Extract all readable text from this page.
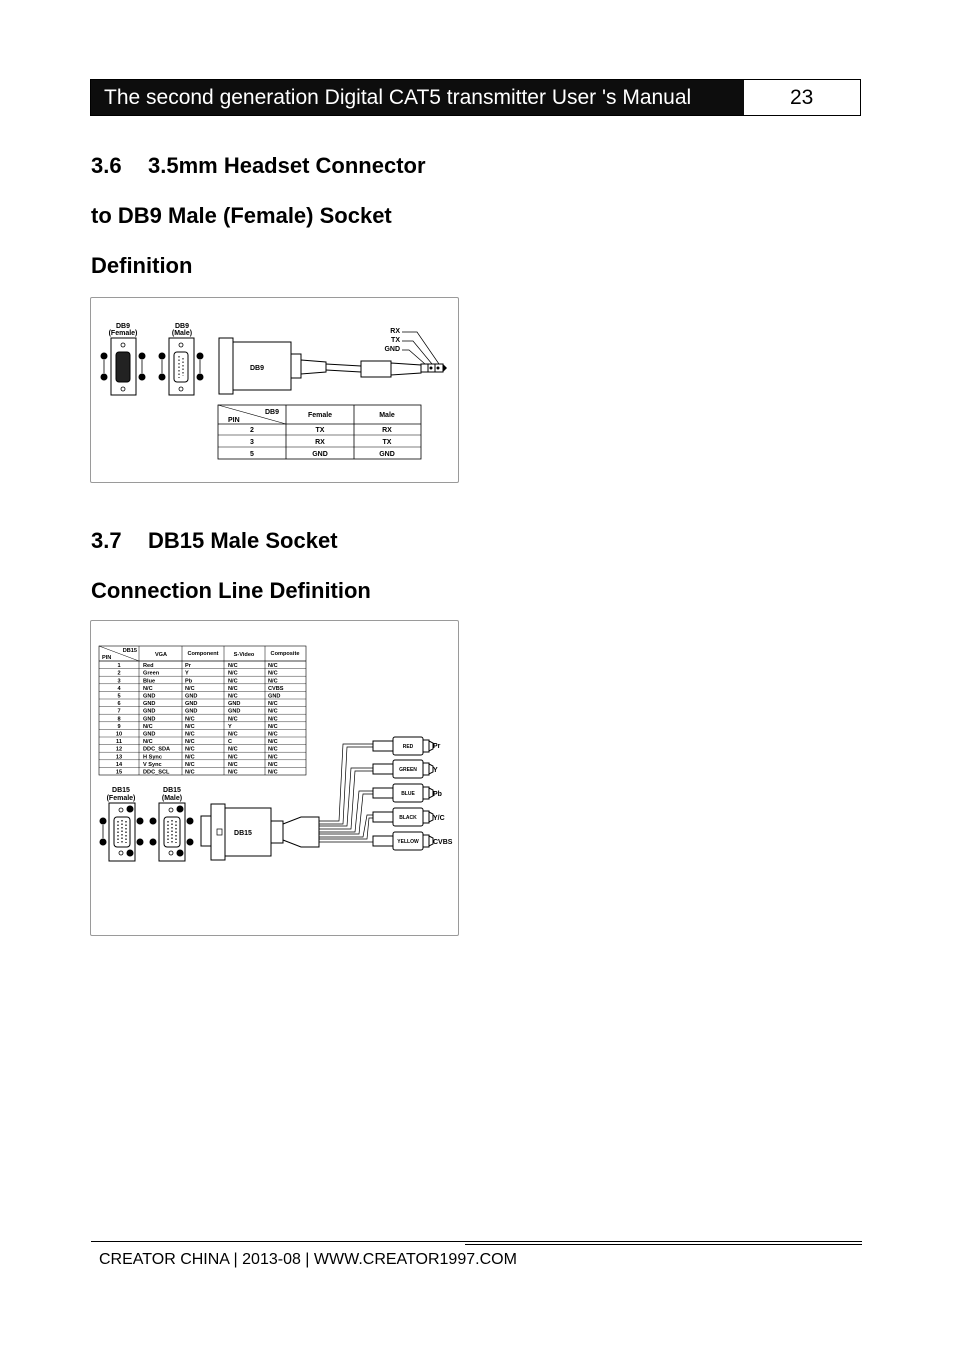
The second generation Digital CAT5 transmitter User 's Manual	23
3.6 3.5mm Headset Connector
to DB9 Male (Female) Socket
Definition
DB9
(Female)
DB9
(Male)
DB9
RX
TX
GND
DB9
PIN
Female	Male
2	TX	RX
3	RX	TX
5	GND	GND
3.7 DB15 Male Socket
Connection Line Definition
DB15
PIN	VGA	Component	S-Video	Composite
1	Red	Pr	N/C	N/C
2	Green	Y	N/C	N/C
3	Blue	Pb	N/C	N/C
4	N/C	N/C	N/C	CVBS
5	GND	GND	N/C	GND
6	GND	GND	GND	N/C
7	GND	GND	GND	N/C
8	GND	N/C	N/C	N/C
9	N/C	N/C	Y	N/C
10	GND	N/C	N/C	N/C
11	N/C	N/C	C	N/C
12	DDC_SDA	N/C	N/C	N/C
13	H Sync	N/C	N/C	N/C
14	V Sync	N/C	N/C	N/C
15	DDC_SCL	N/C	N/C	N/C
DB15
(Female)
DB15
(Male)
DB15
RED	Pr
GREEN Y
BLUE	Pb
BLACK Y/C
YELLOW CVBS
CREATOR CHINA | 2013-08 | WWW.CREATOR1997.COM
